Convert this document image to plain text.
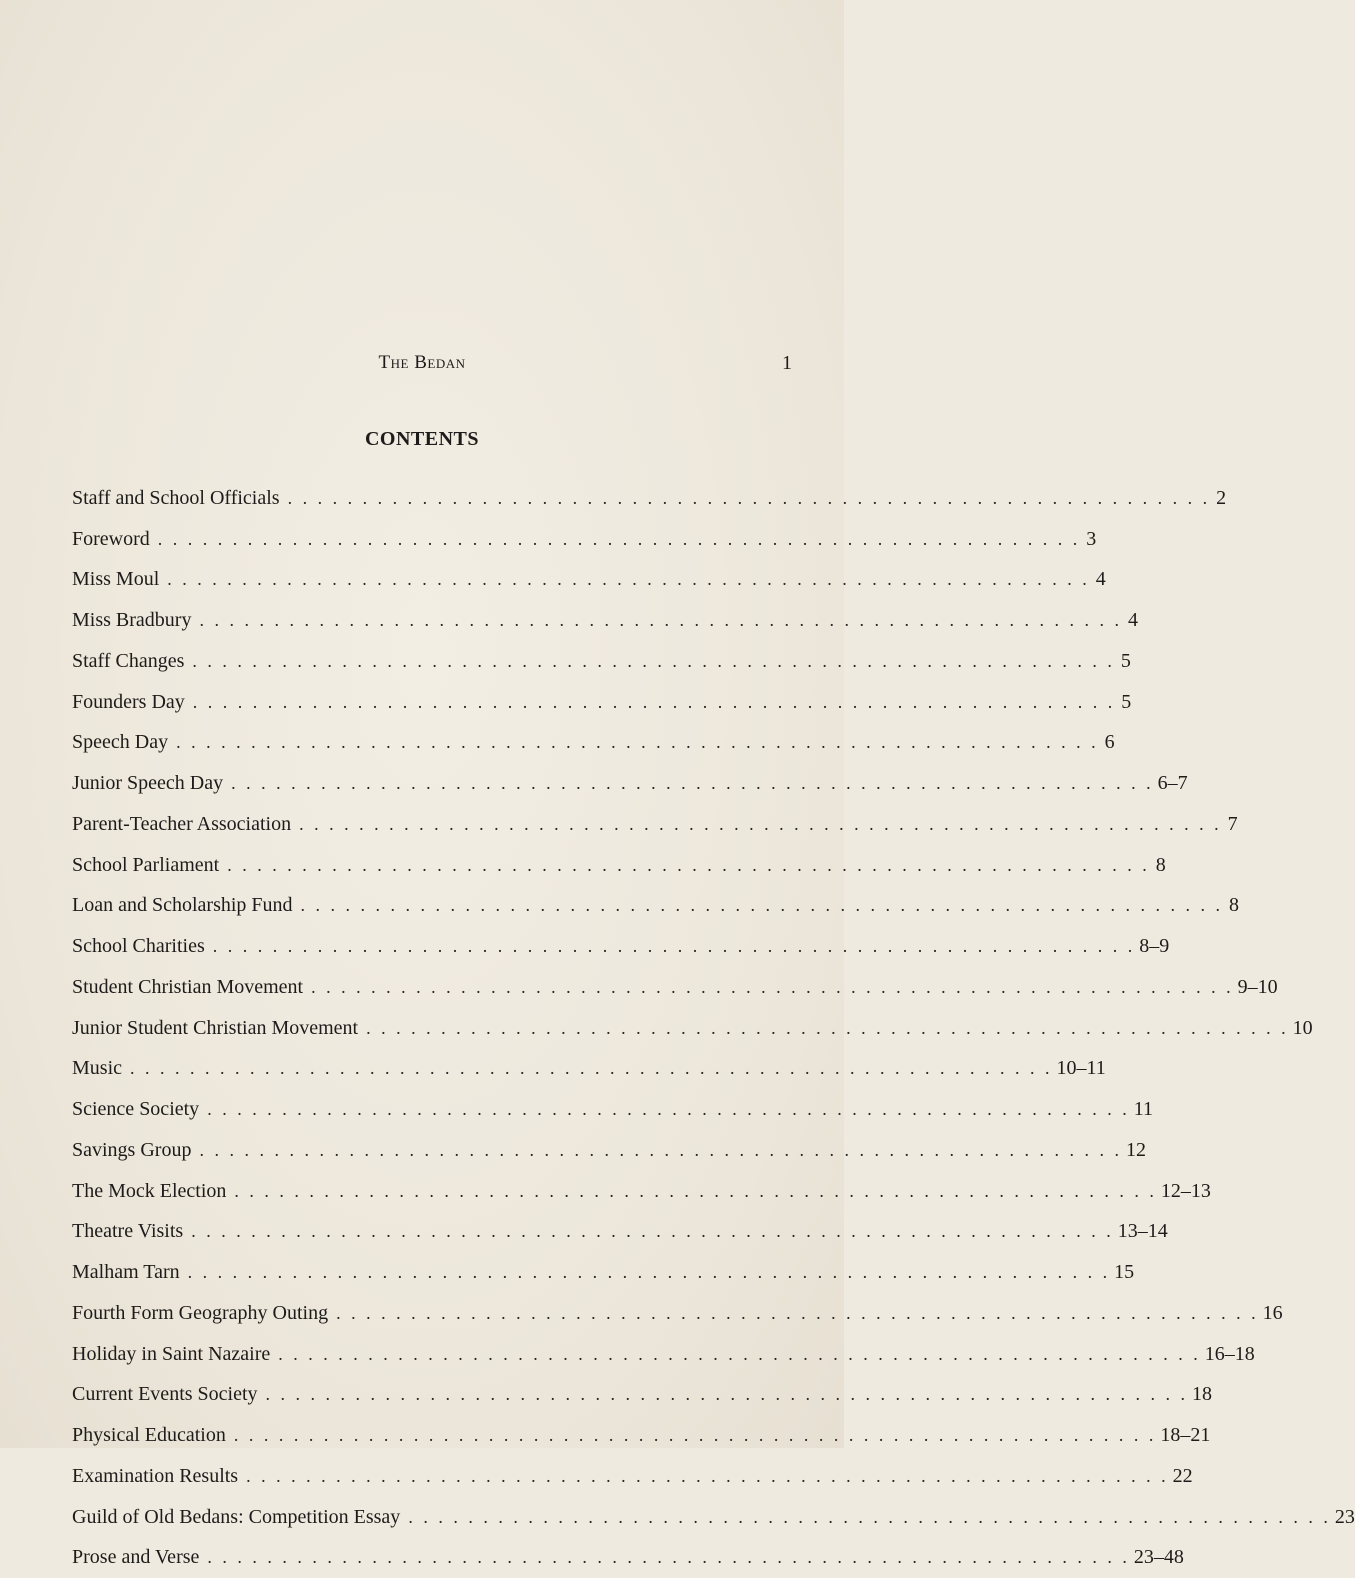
The Bedan	1
CONTENTS
Staff and School Officials . . . . . . . . . . . . . . . . . . . . . . . . . . . . . . . . . . . . . . . . . . . . . . . . . . . . . . . . . . . . . . 2
Foreword . . . . . . . . . . . . . . . . . . . . . . . . . . . . . . . . . . . . . . . . . . . . . . . . . . . . . . . . . . . . . . 3
Miss Moul . . . . . . . . . . . . . . . . . . . . . . . . . . . . . . . . . . . . . . . . . . . . . . . . . . . . . . . . . . . . . . 4
Miss Bradbury . . . . . . . . . . . . . . . . . . . . . . . . . . . . . . . . . . . . . . . . . . . . . . . . . . . . . . . . . . . . . . 4
Staff Changes . . . . . . . . . . . . . . . . . . . . . . . . . . . . . . . . . . . . . . . . . . . . . . . . . . . . . . . . . . . . . . 5
Founders Day . . . . . . . . . . . . . . . . . . . . . . . . . . . . . . . . . . . . . . . . . . . . . . . . . . . . . . . . . . . . . . 5
Speech Day . . . . . . . . . . . . . . . . . . . . . . . . . . . . . . . . . . . . . . . . . . . . . . . . . . . . . . . . . . . . . . 6
Junior Speech Day . . . . . . . . . . . . . . . . . . . . . . . . . . . . . . . . . . . . . . . . . . . . . . . . . . . . . . . . . . . . . . 6–7
Parent-Teacher Association . . . . . . . . . . . . . . . . . . . . . . . . . . . . . . . . . . . . . . . . . . . . . . . . . . . . . . . . . . . . . . 7
School Parliament . . . . . . . . . . . . . . . . . . . . . . . . . . . . . . . . . . . . . . . . . . . . . . . . . . . . . . . . . . . . . . 8
Loan and Scholarship Fund . . . . . . . . . . . . . . . . . . . . . . . . . . . . . . . . . . . . . . . . . . . . . . . . . . . . . . . . . . . . . . 8
School Charities . . . . . . . . . . . . . . . . . . . . . . . . . . . . . . . . . . . . . . . . . . . . . . . . . . . . . . . . . . . . . . 8–9
Student Christian Movement . . . . . . . . . . . . . . . . . . . . . . . . . . . . . . . . . . . . . . . . . . . . . . . . . . . . . . . . . . . . . . 9–10
Junior Student Christian Movement . . . . . . . . . . . . . . . . . . . . . . . . . . . . . . . . . . . . . . . . . . . . . . . . . . . . . . . . . . . . . . 10
Music . . . . . . . . . . . . . . . . . . . . . . . . . . . . . . . . . . . . . . . . . . . . . . . . . . . . . . . . . . . . . . 10–11
Science Society . . . . . . . . . . . . . . . . . . . . . . . . . . . . . . . . . . . . . . . . . . . . . . . . . . . . . . . . . . . . . . 11
Savings Group . . . . . . . . . . . . . . . . . . . . . . . . . . . . . . . . . . . . . . . . . . . . . . . . . . . . . . . . . . . . . . 12
The Mock Election . . . . . . . . . . . . . . . . . . . . . . . . . . . . . . . . . . . . . . . . . . . . . . . . . . . . . . . . . . . . . . 12–13
Theatre Visits . . . . . . . . . . . . . . . . . . . . . . . . . . . . . . . . . . . . . . . . . . . . . . . . . . . . . . . . . . . . . . 13–14
Malham Tarn . . . . . . . . . . . . . . . . . . . . . . . . . . . . . . . . . . . . . . . . . . . . . . . . . . . . . . . . . . . . . . 15
Fourth Form Geography Outing . . . . . . . . . . . . . . . . . . . . . . . . . . . . . . . . . . . . . . . . . . . . . . . . . . . . . . . . . . . . . . 16
Holiday in Saint Nazaire . . . . . . . . . . . . . . . . . . . . . . . . . . . . . . . . . . . . . . . . . . . . . . . . . . . . . . . . . . . . . . 16–18
Current Events Society . . . . . . . . . . . . . . . . . . . . . . . . . . . . . . . . . . . . . . . . . . . . . . . . . . . . . . . . . . . . . . 18
Physical Education . . . . . . . . . . . . . . . . . . . . . . . . . . . . . . . . . . . . . . . . . . . . . . . . . . . . . . . . . . . . . . 18–21
Examination Results . . . . . . . . . . . . . . . . . . . . . . . . . . . . . . . . . . . . . . . . . . . . . . . . . . . . . . . . . . . . . . 22
Guild of Old Bedans: Competition Essay . . . . . . . . . . . . . . . . . . . . . . . . . . . . . . . . . . . . . . . . . . . . . . . . . . . . . . . . . . . . . . 23
Prose and Verse . . . . . . . . . . . . . . . . . . . . . . . . . . . . . . . . . . . . . . . . . . . . . . . . . . . . . . . . . . . . . . 23–48
